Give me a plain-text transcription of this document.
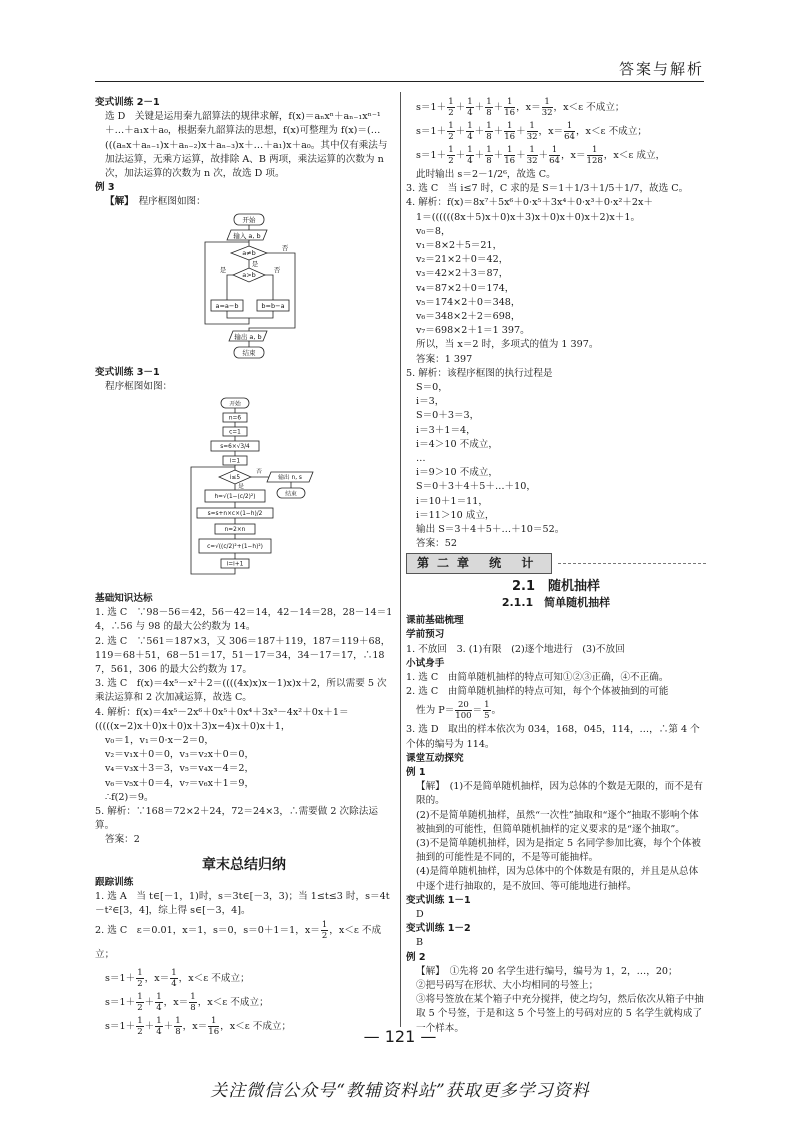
答案与解析

变式训练 2－1

选 D　关键是运用秦九韶算法的规律求解，f(x)＝aₙxⁿ＋aₙ₋₁xⁿ⁻¹＋…＋a₁x＋a₀，根据秦九韶算法的思想，f(x)可整理为 f(x)＝(…(((aₙx＋aₙ₋₁)x＋aₙ₋₂)x＋aₙ₋₃)x＋…＋a₁)x＋a₀。其中仅有乘法与加法运算，无乘方运算，故排除 A、B 两项，乘法运算的次数为 n 次，加法运算的次数为 n 次，故选 D 项。

例 3

【解】　 程序框图如图：

开始
输入 a, b
a≠b
否
是
a>b
是	否
a=a−b	b=b−a
输出 a, b
结束

变式训练 3－1

程序框图如图：

开始
n=6
c=1
s=6×√3/4
i=1
i≤5
否
是
输出 n, s
结束
h=√(1−(c/2)²)
s=s+n×c×(1−h)/2
n=2×n
c=√((c/2)²+(1−h)²)
i=i+1

基础知识达标

1. 选 C　∵98－56＝42，56－42＝14，42－14＝28，28－14＝14，∴56 与 98 的最大公约数为 14。

2. 选 C　∵561＝187×3，又 306＝187＋119，187＝119＋68，119＝68＋51，68－51＝17，51－17＝34，34－17＝17，∴187，561，306 的最大公约数为 17。

3. 选 C　f(x)＝4x⁵－x²＋2＝((((4x)x)x－1)x)x＋2，所以需要 5 次乘法运算和 2 次加减运算，故选 C。

4. 解析：f(x)＝4x⁵－2x⁶＋0x⁵＋0x⁴＋3x³－4x²＋0x＋1＝

(((((x−2)x＋0)x＋0)x＋3)x−4)x＋0)x＋1，

v₀＝1，v₁＝0·x－2＝0，

v₂＝v₁x＋0＝0，v₃＝v₂x＋0＝0，

v₄＝v₃x＋3＝3，v₅＝v₄x－4＝2，

v₆＝v₅x＋0＝4，v₇＝v₆x＋1＝9，

∴f(2)＝9。

5. 解析：∵168＝72×2＋24，72＝24×3，∴需要做 2 次除法运算。

答案：2

章末总结归纳

跟踪训练

1. 选 A　当 t∈[－1，1)时，s＝3t∈[－3，3)；当 1≤t≤3 时，s＝4t－t²∈[3，4]，综上得 s∈[－3，4]。

2. 选 C　ε＝0.01，x＝1，s＝0，s＝0＋1＝1，$x= \frac{1}{2}$ ，x＜ε 不成立；

$s=1+ \frac{1}{2}$ ，$x= \frac{1}{4}$ ，x＜ε 不成立；

$s=1+ \frac{1}{2} + \frac{1}{4}$ ，$x= \frac{1}{8}$ ，x＜ε 不成立；

$s=1+ \frac{1}{2} + \frac{1}{4} + \frac{1}{8}$ ，$x= \frac{1}{16}$ ，x＜ε 不成立；

$s=1+ \frac{1}{2} + \frac{1}{4} + \frac{1}{8} + \frac{1}{16}$ ，$x= \frac{1}{32}$ ，x＜ε 不成立；

$s=1+ \frac{1}{2} + \frac{1}{4} + \frac{1}{8} + \frac{1}{16} + \frac{1}{32}$ ，$x= \frac{1}{64}$ ，x＜ε 不成立；

$s=1+ \frac{1}{2} + \frac{1}{4} + \frac{1}{8} + \frac{1}{16} + \frac{1}{32} + \frac{1}{64}$ ，$x= \frac{1}{128}$ ，x＜ε 成立，

此时输出 s＝2－1/2⁶，故选 C。

3. 选 C　当 i≤7 时，C 求的是 S＝1＋1/3＋1/5＋1/7，故选 C。

4. 解析：f(x)＝8x⁷＋5x⁶＋0·x⁵＋3x⁴＋0·x³＋0·x²＋2x＋

1＝((((((8x＋5)x＋0)x＋3)x＋0)x＋0)x＋2)x＋1。

v₀＝8，

v₁＝8×2＋5＝21，

v₂＝21×2＋0＝42，

v₃＝42×2＋3＝87，

v₄＝87×2＋0＝174，

v₅＝174×2＋0＝348，

v₆＝348×2＋2＝698，

v₇＝698×2＋1＝1 397。

所以，当 x＝2 时，多项式的值为 1 397。

答案：1 397

5. 解析：该程序框图的执行过程是

S＝0，

i＝3，

S＝0＋3＝3，

i＝3＋1＝4，

i＝4＞10 不成立，

…

i＝9＞10 不成立，

S＝0＋3＋4＋5＋…＋10，

i＝10＋1＝11，

i＝11＞10 成立，

输出 S＝3＋4＋5＋…＋10＝52。

答案：52

第二章 统 计
2.1　随机抽样
2.1.1　简单随机抽样

课前基础梳理

学前预习

1. 不放回　3. (1)有限　(2)逐个地进行　(3)不放回

小试身手

1. 选 C　由简单随机抽样的特点可知①②③正确，④不正确。

2. 选 C　由简单随机抽样的特点可知，每个个体被抽到的可能

性为 $P= \frac{20}{100} = \frac{1}{5}$ 。

3. 选 D　取出的样本依次为 034，168，045，114，…，∴第 4 个个体的编号为 114。

课堂互动探究

例 1

【解】　(1)不是简单随机抽样，因为总体的个数是无限的，而不是有限的。

(2)不是简单随机抽样，虽然“一次性”抽取和“逐个”抽取不影响个体被抽到的可能性，但简单随机抽样的定义要求的是“逐个抽取”。

(3)不是简单随机抽样，因为是指定 5 名同学参加比赛，每个个体被抽到的可能性是不同的，不是等可能抽样。

(4)是简单随机抽样，因为总体中的个体数是有限的，并且是从总体中逐个进行抽取的，是不放回、等可能地进行抽样。

变式训练 1－1

D

变式训练 1－2

B

例 2

【解】　①先将 20 名学生进行编号，编号为 1，2，…，20；

②把号码写在形状、大小均相同的号签上；

③将号签放在某个箱子中充分搅拌，使之均匀，然后依次从箱子中抽取 5 个号签，于是和这 5 个号签上的号码对应的 5 名学生就构成了一个样本。

— 121 —
关注微信公众号“教辅资料站”获取更多学习资料
